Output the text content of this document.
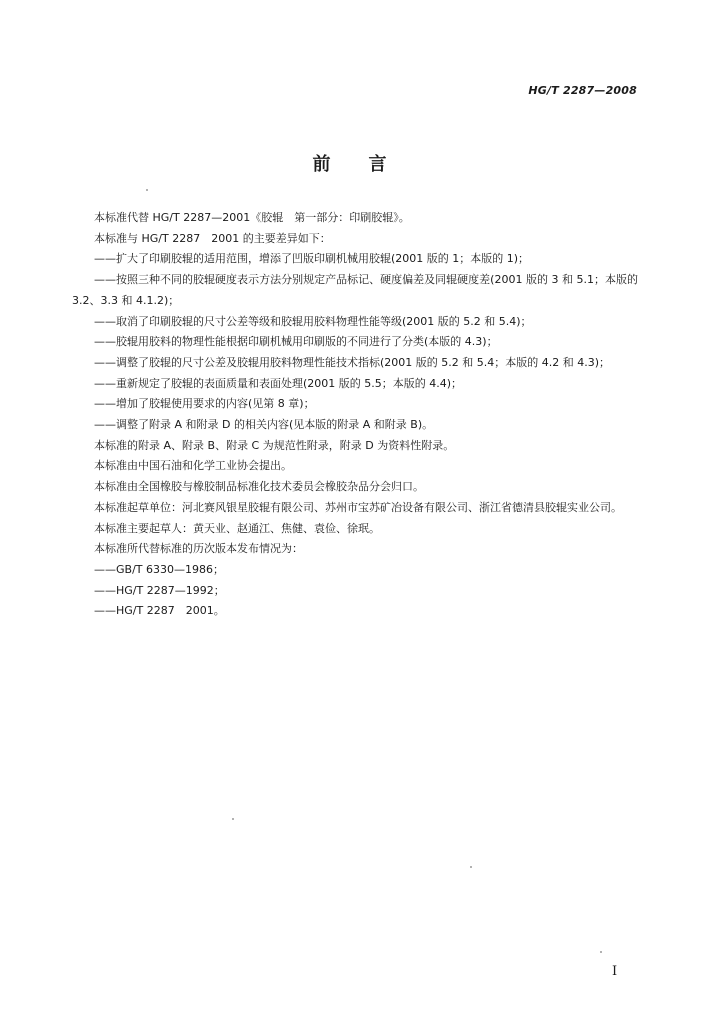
HG/T 2287—2008
前 言

本标准代替 HG/T 2287—2001《胶辊　第一部分：印刷胶辊》。

本标准与 HG/T 2287　2001 的主要差异如下：

——扩大了印刷胶辊的适用范围，增添了凹版印刷机械用胶辊(2001 版的 1；本版的 1)；

——按照三种不同的胶辊硬度表示方法分别规定产品标记、硬度偏差及同辊硬度差(2001 版的 3 和 5.1；本版的 3.2、3.3 和 4.1.2)；

——取消了印刷胶辊的尺寸公差等级和胶辊用胶料物理性能等级(2001 版的 5.2 和 5.4)；

——胶辊用胶料的物理性能根据印刷机械用印刷版的不同进行了分类(本版的 4.3)；

——调整了胶辊的尺寸公差及胶辊用胶料物理性能技术指标(2001 版的 5.2 和 5.4；本版的 4.2 和 4.3)；

——重新规定了胶辊的表面质量和表面处理(2001 版的 5.5；本版的 4.4)；

——增加了胶辊使用要求的内容(见第 8 章)；

——调整了附录 A 和附录 D 的相关内容(见本版的附录 A 和附录 B)。

本标准的附录 A、附录 B、附录 C 为规范性附录，附录 D 为资料性附录。

本标准由中国石油和化学工业协会提出。

本标准由全国橡胶与橡胶制品标准化技术委员会橡胶杂品分会归口。

本标准起草单位：河北赛风银星胶辊有限公司、苏州市宝苏矿冶设备有限公司、浙江省德清县胶辊实业公司。

本标准主要起草人：黄天业、赵通江、焦健、袁俭、徐珉。

本标准所代替标准的历次版本发布情况为：

——GB/T 6330—1986；

——HG/T 2287—1992；

——HG/T 2287　2001。

I
